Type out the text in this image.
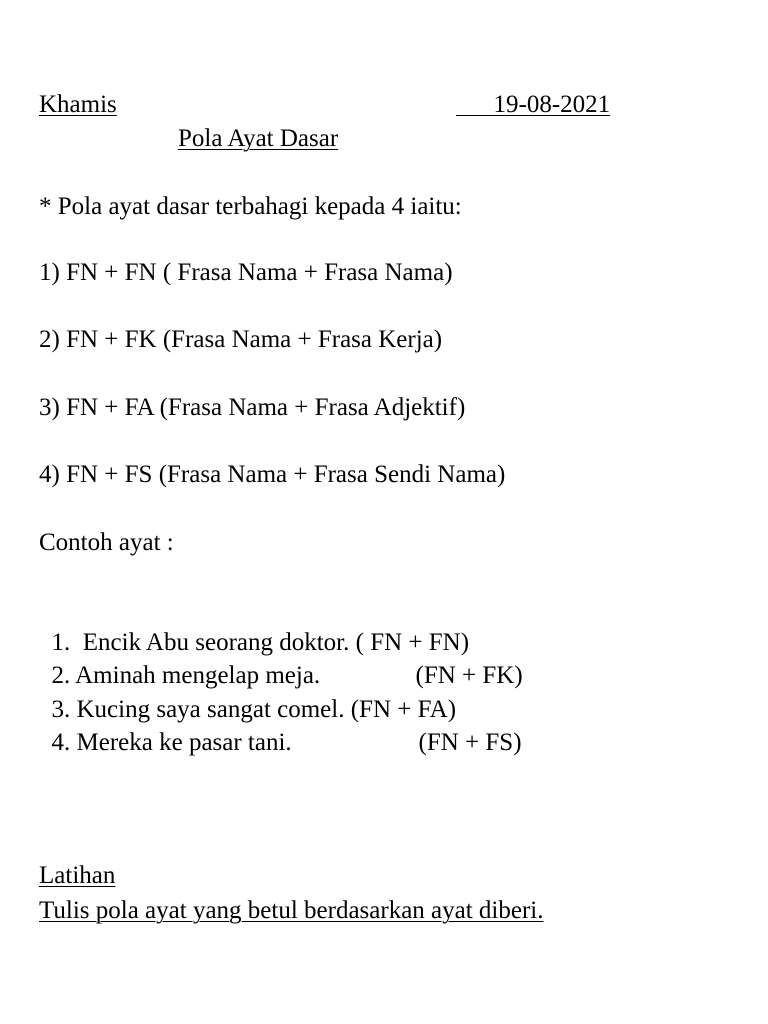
Khamis	19-08-2021
Pola Ayat Dasar
* Pola ayat dasar terbahagi kepada 4 iaitu:
1) FN + FN ( Frasa Nama + Frasa Nama)
2) FN + FK (Frasa Nama + Frasa Kerja)
3) FN + FA (Frasa Nama + Frasa Adjektif)
4) FN + FS (Frasa Nama + Frasa Sendi Nama)
Contoh ayat :

1.  Encik Abu seorang doktor. ( FN + FN)

2. Aminah mengelap meja.	(FN + FK)

3. Kucing saya sangat comel. (FN + FA)

4. Mereka ke pasar tani.	(FN + FS)

Latihan
Tulis pola ayat yang betul berdasarkan ayat diberi.
